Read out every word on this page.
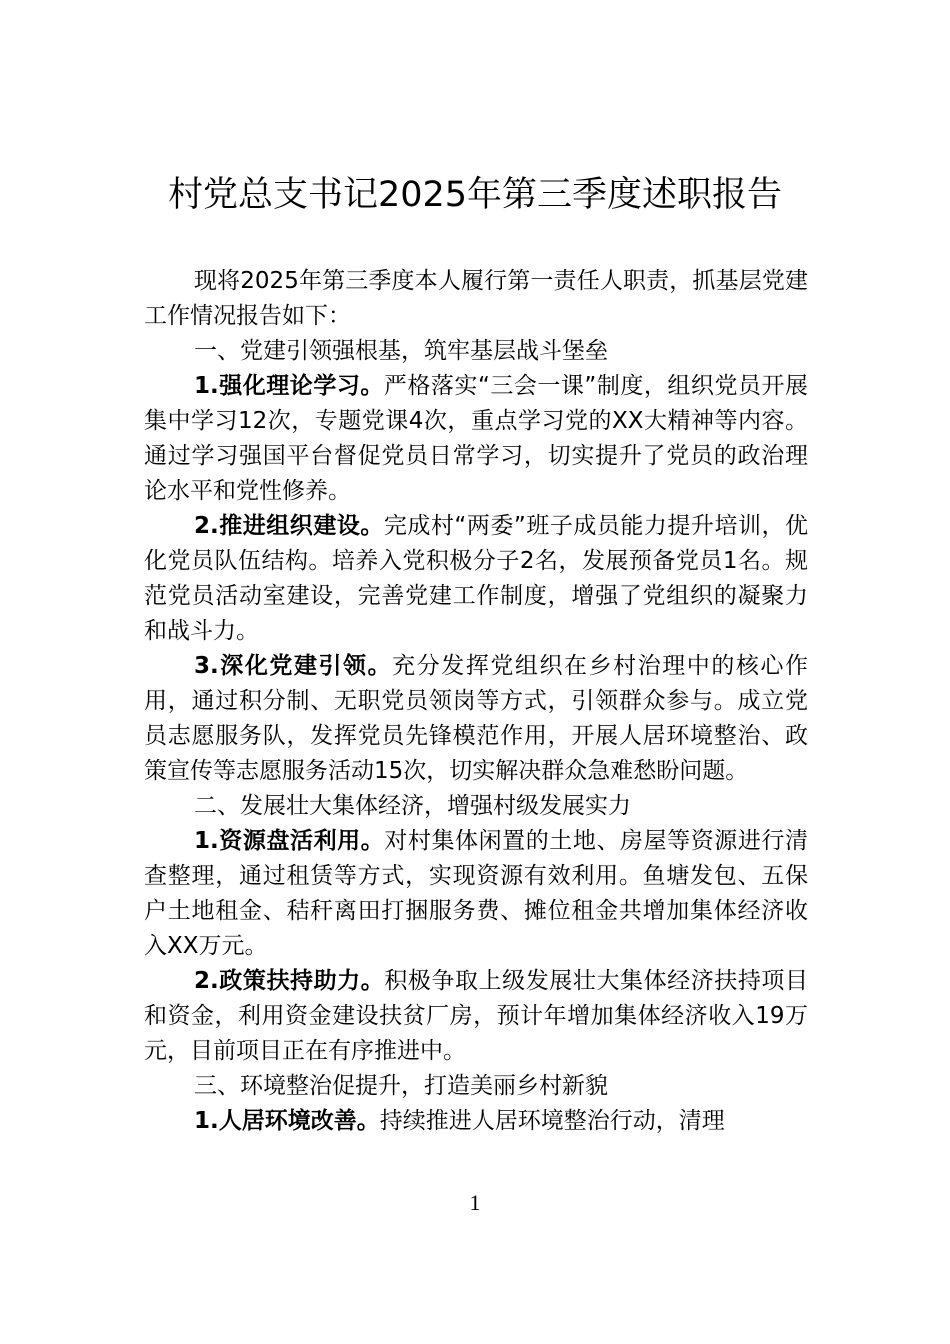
村党总支书记2025年第三季度述职报告

现将2025年第三季度本人履行第一责任人职责，抓基层党建工作情况报告如下：

一、党建引领强根基，筑牢基层战斗堡垒

1.强化理论学习。严格落实“三会一课”制度，组织党员开展集中学习12次，专题党课4次，重点学习党的XX大精神等内容。通过学习强国平台督促党员日常学习，切实提升了党员的政治理论水平和党性修养。

2.推进组织建设。完成村“两委”班子成员能力提升培训，优化党员队伍结构。培养入党积极分子2名，发展预备党员1名。规范党员活动室建设，完善党建工作制度，增强了党组织的凝聚力和战斗力。

3.深化党建引领。充分发挥党组织在乡村治理中的核心作用，通过积分制、无职党员领岗等方式，引领群众参与。成立党员志愿服务队，发挥党员先锋模范作用，开展人居环境整治、政策宣传等志愿服务活动15次，切实解决群众急难愁盼问题。

二、发展壮大集体经济，增强村级发展实力

1.资源盘活利用。对村集体闲置的土地、房屋等资源进行清查整理，通过租赁等方式，实现资源有效利用。鱼塘发包、五保户土地租金、秸秆离田打捆服务费、摊位租金共增加集体经济收入XX万元。

2.政策扶持助力。积极争取上级发展壮大集体经济扶持项目和资金，利用资金建设扶贫厂房，预计年增加集体经济收入19万元，目前项目正在有序推进中。

三、环境整治促提升，打造美丽乡村新貌

1.人居环境改善。持续推进人居环境整治行动，清理

1
